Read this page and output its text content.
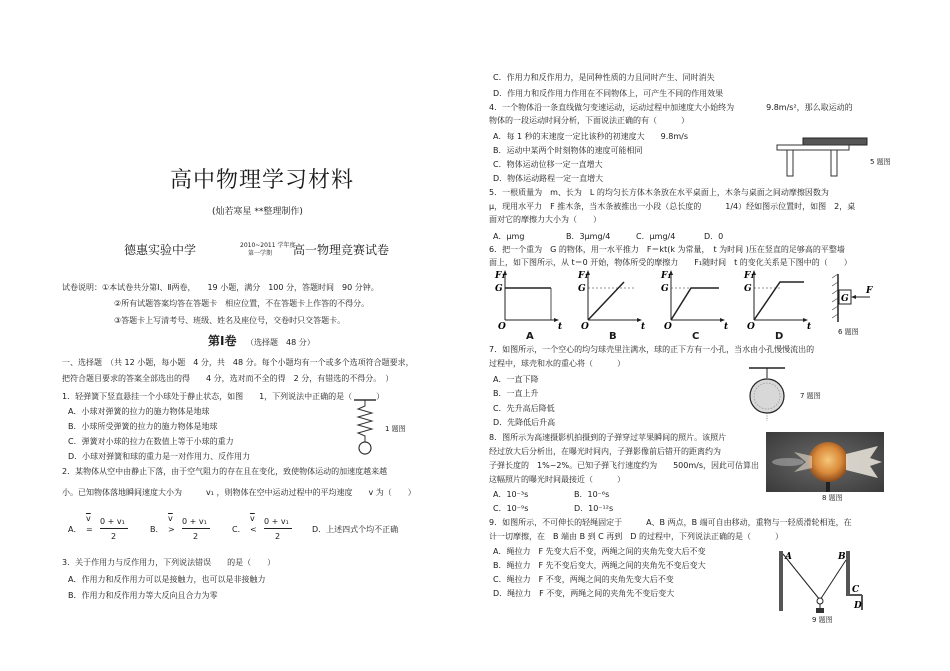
高中物理学习材料
(灿若寒星 **整理制作)
德惠实验中学	2010~2011 学年度
第一学期 高一物理竞赛试卷
试卷说明：①本试卷共分第Ⅰ、Ⅱ两卷，　　19 小题，满分　100 分，答题时间　90 分钟。
②所有试题答案均答在答题卡　相应位置，不在答题卡上作答的不得分。
③答题卡上写清考号、班级、姓名及座位号，交卷时只交答题卡。
第Ⅰ卷 （选择题　48 分）
一、选择题　（共 12 小题，每小题　4 分，共　48 分。每个小题均有一个或多个选项符合题要求，
把符合题目要求的答案全部选出的得　　4 分，选对而不全的得　2 分，有错选的不得分。　）
1．轻弹簧下竖直悬挂一个小球处于静止状态，如图　　1，下列说法中正确的是（　　　）
A．小球对弹簧的拉力的施力物体是地球
B．小球所受弹簧的拉力的施力物体是地球
C．弹簧对小球的拉力在数值上等于小球的重力
D．小球对弹簧和球的重力是一对作用力、反作用力
1 题图
2．某物体从空中由静止下落，由于空气阻力的存在且在变化，致使物体运动的加速度越来越
小。已知物体落地瞬间速度大小为　　　v₁ ，则物体在空中运动过程中的平均速度　　v 为（　　）
A．
$\overline{v}$
=
0 + v₁
2
B．
$\overline{v}$
>
0 + v₁
2
C．
$\overline{v}$
<
0 + v₁
2
D．上述四式个均不正确
3．关于作用力与反作用力，下列说法错误　　的是（　　）
A．作用力和反作用力可以是接触力，也可以是非接触力
B．作用力和反作用力等大反向且合力为零
C．作用力和反作用力，是同种性质的力且同时产生、同时消失
D．作用力和反作用力作用在不同物体上，可产生不同的作用效果
4．一个物体沿一条直线做匀变速运动，运动过程中加速度大小始终为　　　　9.8m/s²，那么取运动的
物体的一段运动时间分析，下面说法正确的有（　　　）
A．每 1 秒的末速度一定比该秒的初速度大　　9.8m/s
B．运动中某两个时刻物体的速度可能相同
C．物体运动位移一定一直增大
D．物体运动路程一定一直增大
5 题图
5．一根质量为　m、长为　L 的均匀长方体木条放在水平桌面上，木条与桌面之间动摩擦因数为
μ，现用水平力　F 推木条，当木条被推出一小段（总长度的　　　1/4）经如图示位置时，如图　2，桌
面对它的摩擦力大小为（　　）
A．μmg	B．3μmg/4	C．μmg/4	D．0
6．把一个重为　G 的物体，用一水平推力　F＝kt(k 为常量，　t 为时间 )压在竖直的足够高的平整墙
面上，如下图所示，从 t＝0 开始，物体所受的摩擦力　　F₁随时间　t 的变化关系是下图中的（　　）
F₁
G
O	t
A
F₁
G
O	t
B
F₁
G
O	t
C
F₁
G
O	t
D
G
F
6 题图
7．如图所示，一个空心的均匀球壳里注满水，球的正下方有一小孔，当水由小孔慢慢流出的
过程中，球壳和水的重心将（　　　）
A．一直下降
B．一直上升
C．先升高后降低
D．先降低后升高
7 题图
8．图所示为高速摄影机拍摄到的子弹穿过苹果瞬间的照片。该照片
经过放大后分析出，在曝光时间内，子弹影像前后错开的距离约为
子弹长度的　1%~2%。已知子弹飞行速度约为　　500m/s，因此可估算出
这幅照片的曝光时间最接近（　　　）
A．10⁻³s
C．10⁻⁹s
B．10⁻⁶s
D．10⁻¹²s
8 题图
9．如图所示，不可伸长的轻绳固定于　　　A、B 两点，B 端可自由移动，重物与一轻质滑轮相连，在
计一切摩擦，在　B 端由 B 到 C 再到　D 的过程中，下列说法正确的是（　　　）
A．绳拉力　F 先变大后不变，两绳之间的夹角先变大后不变
B．绳拉力　F 先不变后变大，两绳之间的夹角先不变后变大
C．绳拉力　F 不变，两绳之间的夹角先变大后不变
D．绳拉力　F 不变，两绳之间的夹角先不变后变大
A	B
C
D
9 题图
